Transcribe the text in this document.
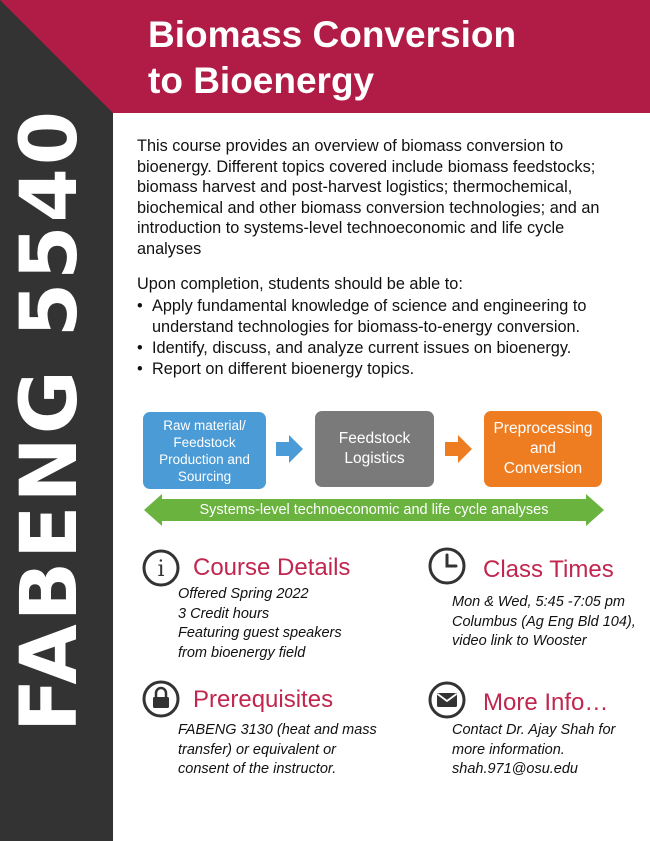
FABENG 5540
Biomass Conversion
to Bioenergy
This course provides an overview of biomass conversion to bioenergy. Different topics covered include biomass feedstocks; biomass harvest and post-harvest logistics; thermochemical, biochemical and other biomass conversion technologies; and an introduction to systems-level technoeconomic and life cycle analyses
Upon completion, students should be able to:
• Apply fundamental knowledge of science and engineering to understand technologies for biomass-to-energy conversion.
• Identify, discuss, and analyze current issues on bioenergy.
• Report on different bioenergy topics.
Raw material/
Feedstock
Production and
Sourcing
Feedstock
Logistics
Preprocessing
and
Conversion
Systems-level technoeconomic and life cycle analyses
i Course Details
Offered Spring 2022
3 Credit hours
Featuring guest speakers
from bioenergy field
Class Times
Mon & Wed, 5:45 -7:05 pm
Columbus (Ag Eng Bld 104),
video link to Wooster
Prerequisites
FABENG 3130 (heat and mass
transfer) or equivalent or
consent of the instructor.
More Info…
Contact Dr. Ajay Shah for
more information.
shah.971@osu.edu
